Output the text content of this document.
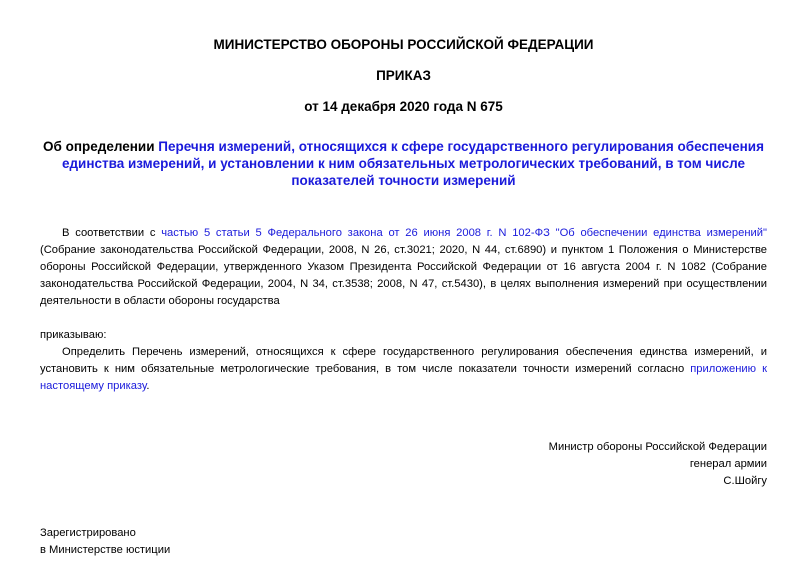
МИНИСТЕРСТВО ОБОРОНЫ РОССИЙСКОЙ ФЕДЕРАЦИИ

ПРИКАЗ

от 14 декабря 2020 года N 675

Об определении Перечня измерений, относящихся к сфере государственного регулирования обеспечения единства измерений, и установлении к ним обязательных метрологических требований, в том числе показателей точности измерений

В соответствии с частью 5 статьи 5 Федерального закона от 26 июня 2008 г. N 102-ФЗ "Об обеспечении единства измерений" (Собрание законодательства Российской Федерации, 2008, N 26, ст.3021; 2020, N 44, ст.6890) и пунктом 1 Положения о Министерстве обороны Российской Федерации, утвержденного Указом Президента Российской Федерации от 16 августа 2004 г. N 1082 (Собрание законодательства Российской Федерации, 2004, N 34, ст.3538; 2008, N 47, ст.5430), в целях выполнения измерений при осуществлении деятельности в области обороны государства

приказываю:

Определить Перечень измерений, относящихся к сфере государственного регулирования обеспечения единства измерений, и установить к ним обязательные метрологические требования, в том числе показатели точности измерений согласно приложению к настоящему приказу.

Министр обороны Российской Федерации
генерал армии
С.Шойгу
Зарегистрировано
в Министерстве юстиции
